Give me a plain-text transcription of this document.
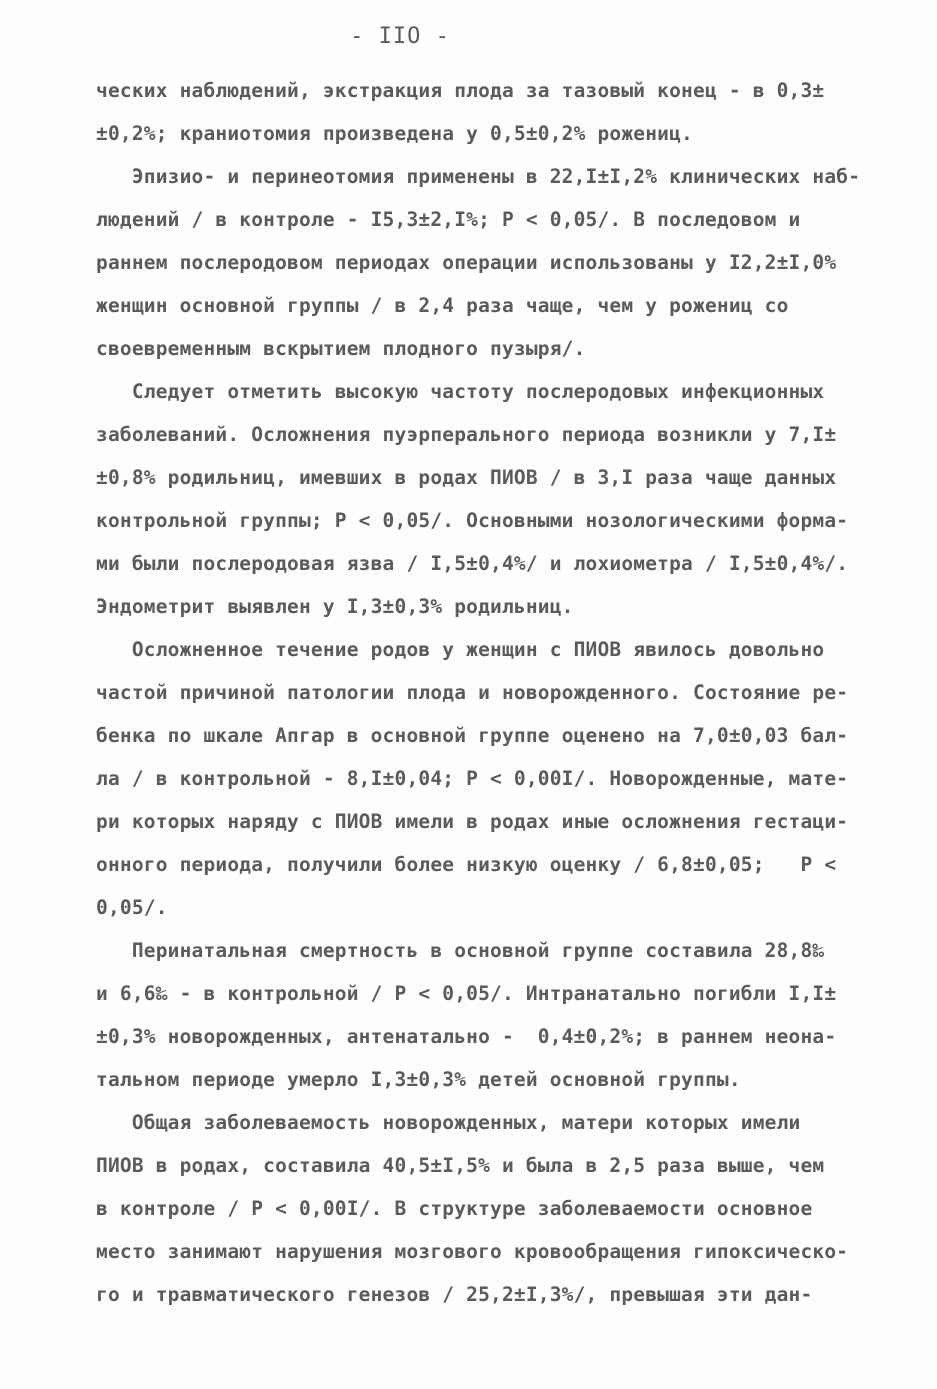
- IIO -
ческих наблюдений, экстракция плода за тазовый конец - в 0,3±
±0,2%; краниотомия произведена у 0,5±0,2% рожениц.
Эпизио- и перинеотомия применены в 22,I±I,2% клинических наб-
людений / в контроле - I5,3±2,I%; P < 0,05/. В последовом и
раннем послеродовом периодах операции использованы у I2,2±I,0%
женщин основной группы / в 2,4 раза чаще, чем у рожениц со
своевременным вскрытием плодного пузыря/.
Следует отметить высокую частоту послеродовых инфекционных
заболеваний. Осложнения пуэрперального периода возникли у 7,I±
±0,8% родильниц, имевших в родах ПИОВ / в 3,I раза чаще данных
контрольной группы; P < 0,05/. Основными нозологическими форма-
ми были послеродовая язва / I,5±0,4%/ и лохиометра / I,5±0,4%/.
Эндометрит выявлен у I,3±0,3% родильниц.
Осложненное течение родов у женщин с ПИОВ явилось довольно
частой причиной патологии плода и новорожденного. Состояние ре-
бенка по шкале Апгар в основной группе оценено на 7,0±0,03 бал-
ла / в контрольной - 8,I±0,04; P < 0,00I/. Новорожденные, мате-
ри которых наряду с ПИОВ имели в родах иные осложнения гестаци-
онного периода, получили более низкую оценку / 6,8±0,05;   P <
0,05/.
Перинатальная смертность в основной группе составила 28,8‰
и 6,6‰ - в контрольной / P < 0,05/. Интранатально погибли I,I±
±0,3% новорожденных, антенатально -  0,4±0,2%; в раннем неона-
тальном периоде умерло I,3±0,3% детей основной группы.
Общая заболеваемость новорожденных, матери которых имели
ПИОВ в родах, составила 40,5±I,5% и была в 2,5 раза выше, чем
в контроле / P < 0,00I/. В структуре заболеваемости основное
место занимают нарушения мозгового кровообращения гипоксическо-
го и травматического генезов / 25,2±I,3%/, превышая эти дан-
